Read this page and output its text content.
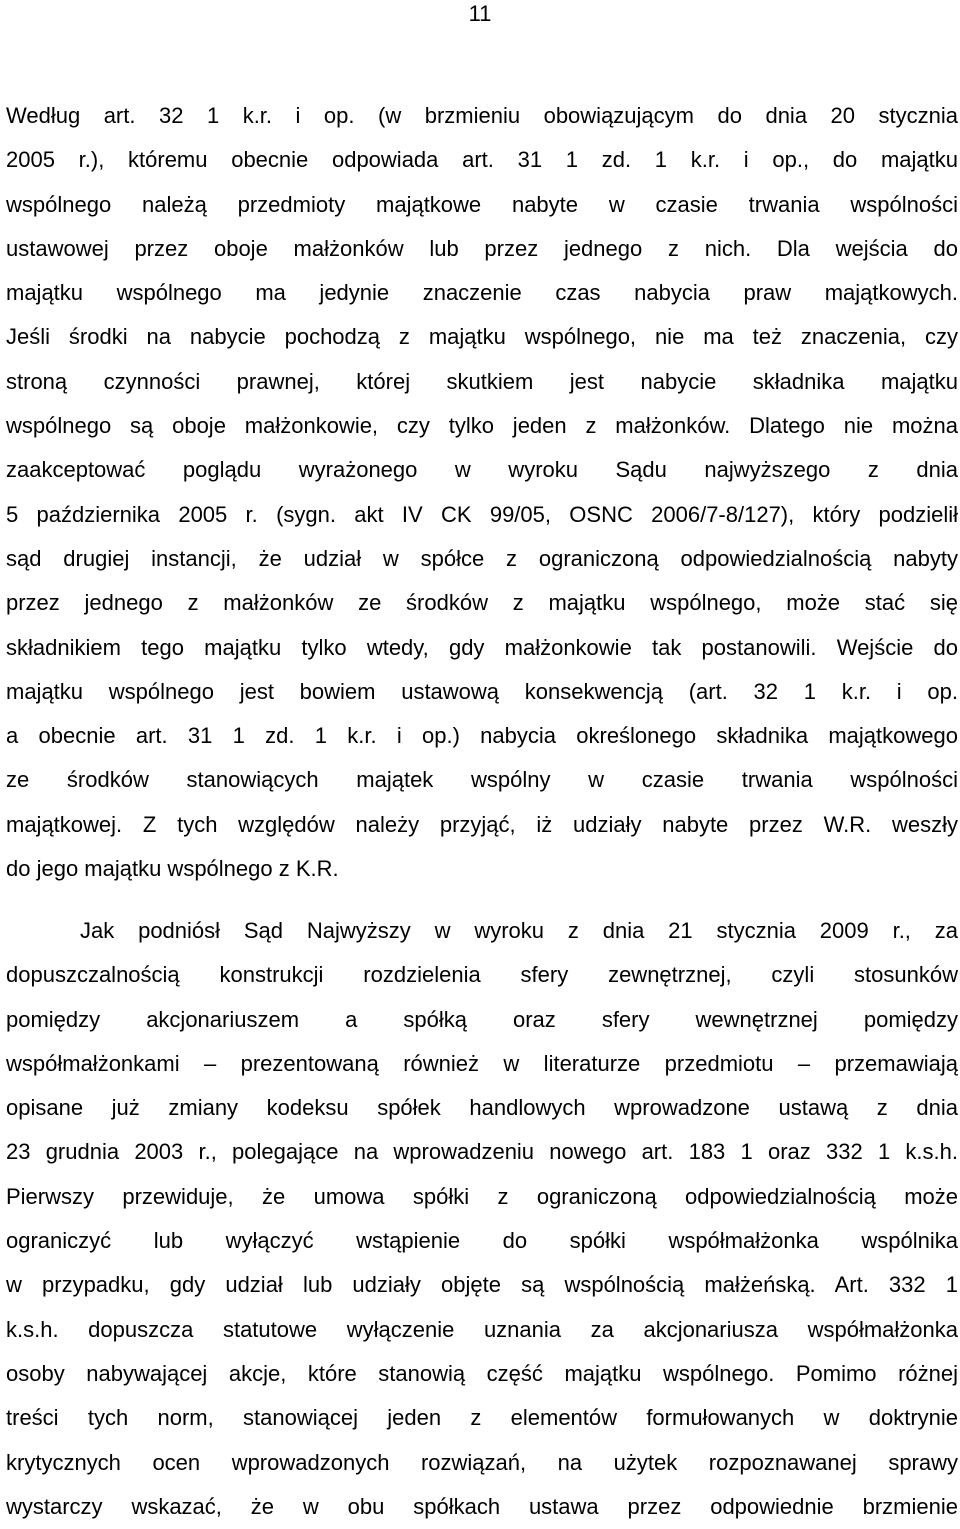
11
Według art. 32 1 k.r. i op. (w brzmieniu obowiązującym do dnia 20 stycznia
2005 r.), któremu obecnie odpowiada art. 31 1 zd. 1 k.r. i op., do majątku
wspólnego należą przedmioty majątkowe nabyte w czasie trwania wspólności
ustawowej przez oboje małżonków lub przez jednego z nich. Dla wejścia do
majątku wspólnego ma jedynie znaczenie czas nabycia praw majątkowych.
Jeśli środki na nabycie pochodzą z majątku wspólnego, nie ma też znaczenia, czy
stroną czynności prawnej, której skutkiem jest nabycie składnika majątku
wspólnego są oboje małżonkowie, czy tylko jeden z małżonków. Dlatego nie można
zaakceptować poglądu wyrażonego w wyroku Sądu najwyższego z dnia
5 października 2005 r. (sygn. akt IV CK 99/05, OSNC 2006/7-8/127), który podzielił
sąd drugiej instancji, że udział w spółce z ograniczoną odpowiedzialnością nabyty
przez jednego z małżonków ze środków z majątku wspólnego, może stać się
składnikiem tego majątku tylko wtedy, gdy małżonkowie tak postanowili. Wejście do
majątku wspólnego jest bowiem ustawową konsekwencją (art. 32 1 k.r. i op.
a obecnie art. 31 1 zd. 1 k.r. i op.) nabycia określonego składnika majątkowego
ze środków stanowiących majątek wspólny w czasie trwania wspólności
majątkowej. Z tych względów należy przyjąć, iż udziały nabyte przez W.R. weszły
do jego majątku wspólnego z K.R.
Jak podniósł Sąd Najwyższy w wyroku z dnia 21 stycznia 2009 r., za
dopuszczalnością konstrukcji rozdzielenia sfery zewnętrznej, czyli stosunków
pomiędzy akcjonariuszem a spółką oraz sfery wewnętrznej pomiędzy
współmałżonkami – prezentowaną również w literaturze przedmiotu – przemawiają
opisane już zmiany kodeksu spółek handlowych wprowadzone ustawą z dnia
23 grudnia 2003 r., polegające na wprowadzeniu nowego art. 183 1 oraz 332 1 k.s.h.
Pierwszy przewiduje, że umowa spółki z ograniczoną odpowiedzialnością może
ograniczyć lub wyłączyć wstąpienie do spółki współmałżonka wspólnika
w przypadku, gdy udział lub udziały objęte są wspólnością małżeńską. Art. 332 1
k.s.h. dopuszcza statutowe wyłączenie uznania za akcjonariusza współmałżonka
osoby nabywającej akcje, które stanowią część majątku wspólnego. Pomimo różnej
treści tych norm, stanowiącej jeden z elementów formułowanych w doktrynie
krytycznych ocen wprowadzonych rozwiązań, na użytek rozpoznawanej sprawy
wystarczy wskazać, że w obu spółkach ustawa przez odpowiednie brzmienie
